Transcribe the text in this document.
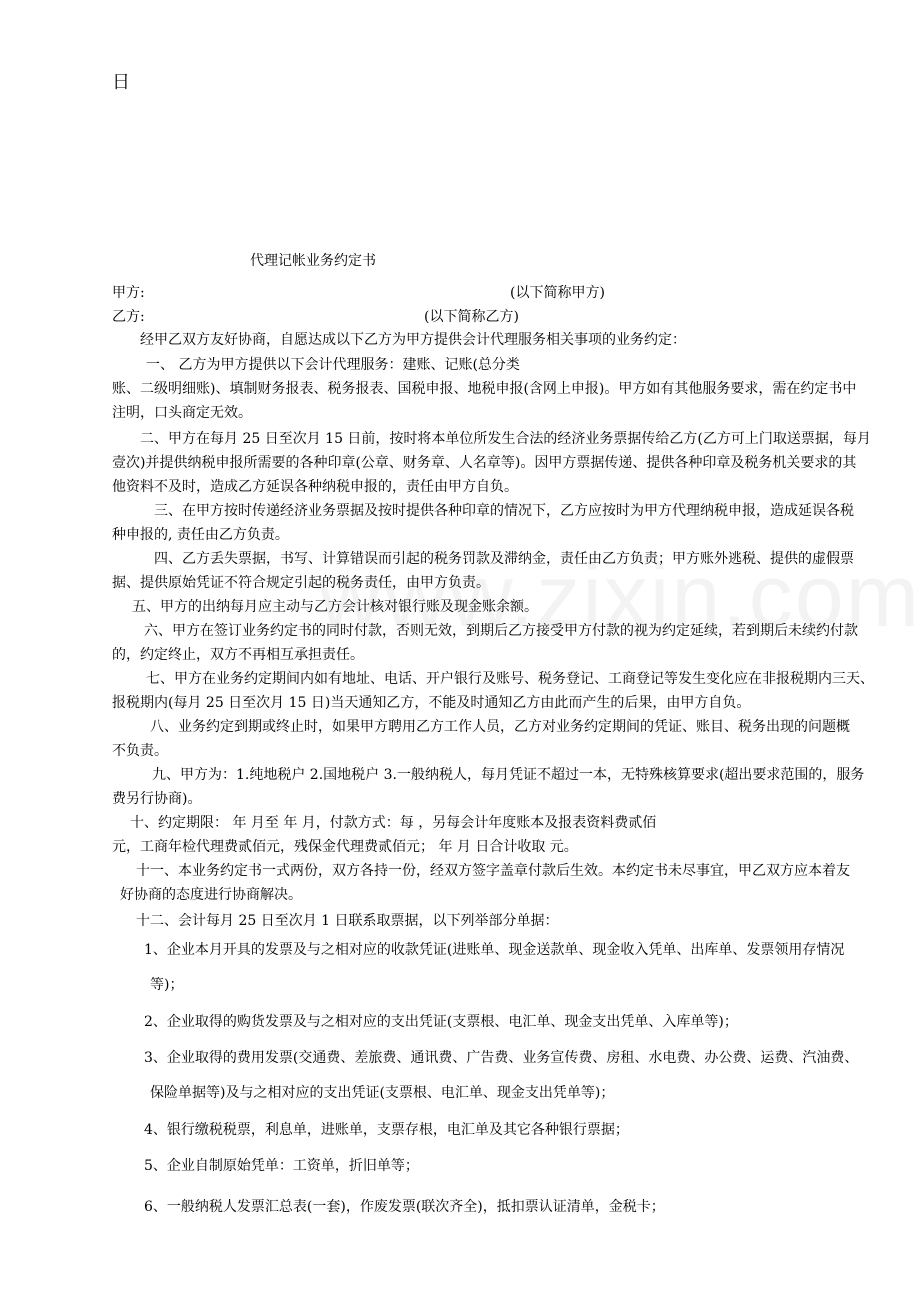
日
代理记帐业务约定书
甲方:	(以下简称甲方)
乙方:	(以下简称乙方)
经甲乙双方友好协商，自愿达成以下乙方为甲方提供会计代理服务相关事项的业务约定：
一、 乙方为甲方提供以下会计代理服务：建账、记账(总分类
账、二级明细账)、填制财务报表、税务报表、国税申报、地税申报(含网上申报)。甲方如有其他服务要求，需在约定书中
注明，口头商定无效。
二、甲方在每月 25 日至次月 15 日前，按时将本单位所发生合法的经济业务票据传给乙方(乙方可上门取送票据，每月
壹次)并提供纳税申报所需要的各种印章(公章、财务章、人名章等)。因甲方票据传递、提供各种印章及税务机关要求的其
他资料不及时，造成乙方延误各种纳税申报的，责任由甲方自负。
三、在甲方按时传递经济业务票据及按时提供各种印章的情况下，乙方应按时为甲方代理纳税申报，造成延误各税
种申报的, 责任由乙方负责。
四、乙方丢失票据，书写、计算错误而引起的税务罚款及滞纳金，责任由乙方负责；甲方账外逃税、提供的虚假票
据、提供原始凭证不符合规定引起的税务责任，由甲方负责。
五、甲方的出纳每月应主动与乙方会计核对银行账及现金账余额。
六、甲方在签订业务约定书的同时付款，否则无效，到期后乙方接受甲方付款的视为约定延续，若到期后未续约付款
的，约定终止，双方不再相互承担责任。
七、甲方在业务约定期间内如有地址、电话、开户银行及账号、税务登记、工商登记等发生变化应在非报税期内三天、
报税期内(每月 25 日至次月 15 日)当天通知乙方，不能及时通知乙方由此而产生的后果，由甲方自负。
八、业务约定到期或终止时，如果甲方聘用乙方工作人员，乙方对业务约定期间的凭证、账目、税务出现的问题概
不负责。
九、甲方为：1.纯地税户 2.国地税户 3.一般纳税人，每月凭证不超过一本，无特殊核算要求(超出要求范围的，服务
费另行协商)。
十、约定期限： 年 月至 年 月，付款方式：每 ，另每会计年度账本及报表资料费贰佰
元，工商年检代理费贰佰元，残保金代理费贰佰元； 年 月 日合计收取 元。
十一、本业务约定书一式两份，双方各持一份，经双方签字盖章付款后生效。本约定书未尽事宜，甲乙双方应本着友
好协商的态度进行协商解决。
十二、会计每月 25 日至次月 1 日联系取票据，以下列举部分单据：
1、企业本月开具的发票及与之相对应的收款凭证(进账单、现金送款单、现金收入凭单、出库单、发票领用存情况
等)；
2、企业取得的购货发票及与之相对应的支出凭证(支票根、电汇单、现金支出凭单、入库单等)；
3、企业取得的费用发票(交通费、差旅费、通讯费、广告费、业务宣传费、房租、水电费、办公费、运费、汽油费、
保险单据等)及与之相对应的支出凭证(支票根、电汇单、现金支出凭单等)；
4、银行缴税税票，利息单，进账单，支票存根，电汇单及其它各种银行票据；
5、企业自制原始凭单：工资单，折旧单等；
6、一般纳税人发票汇总表(一套)，作废发票(联次齐全)，抵扣票认证清单，金税卡；
